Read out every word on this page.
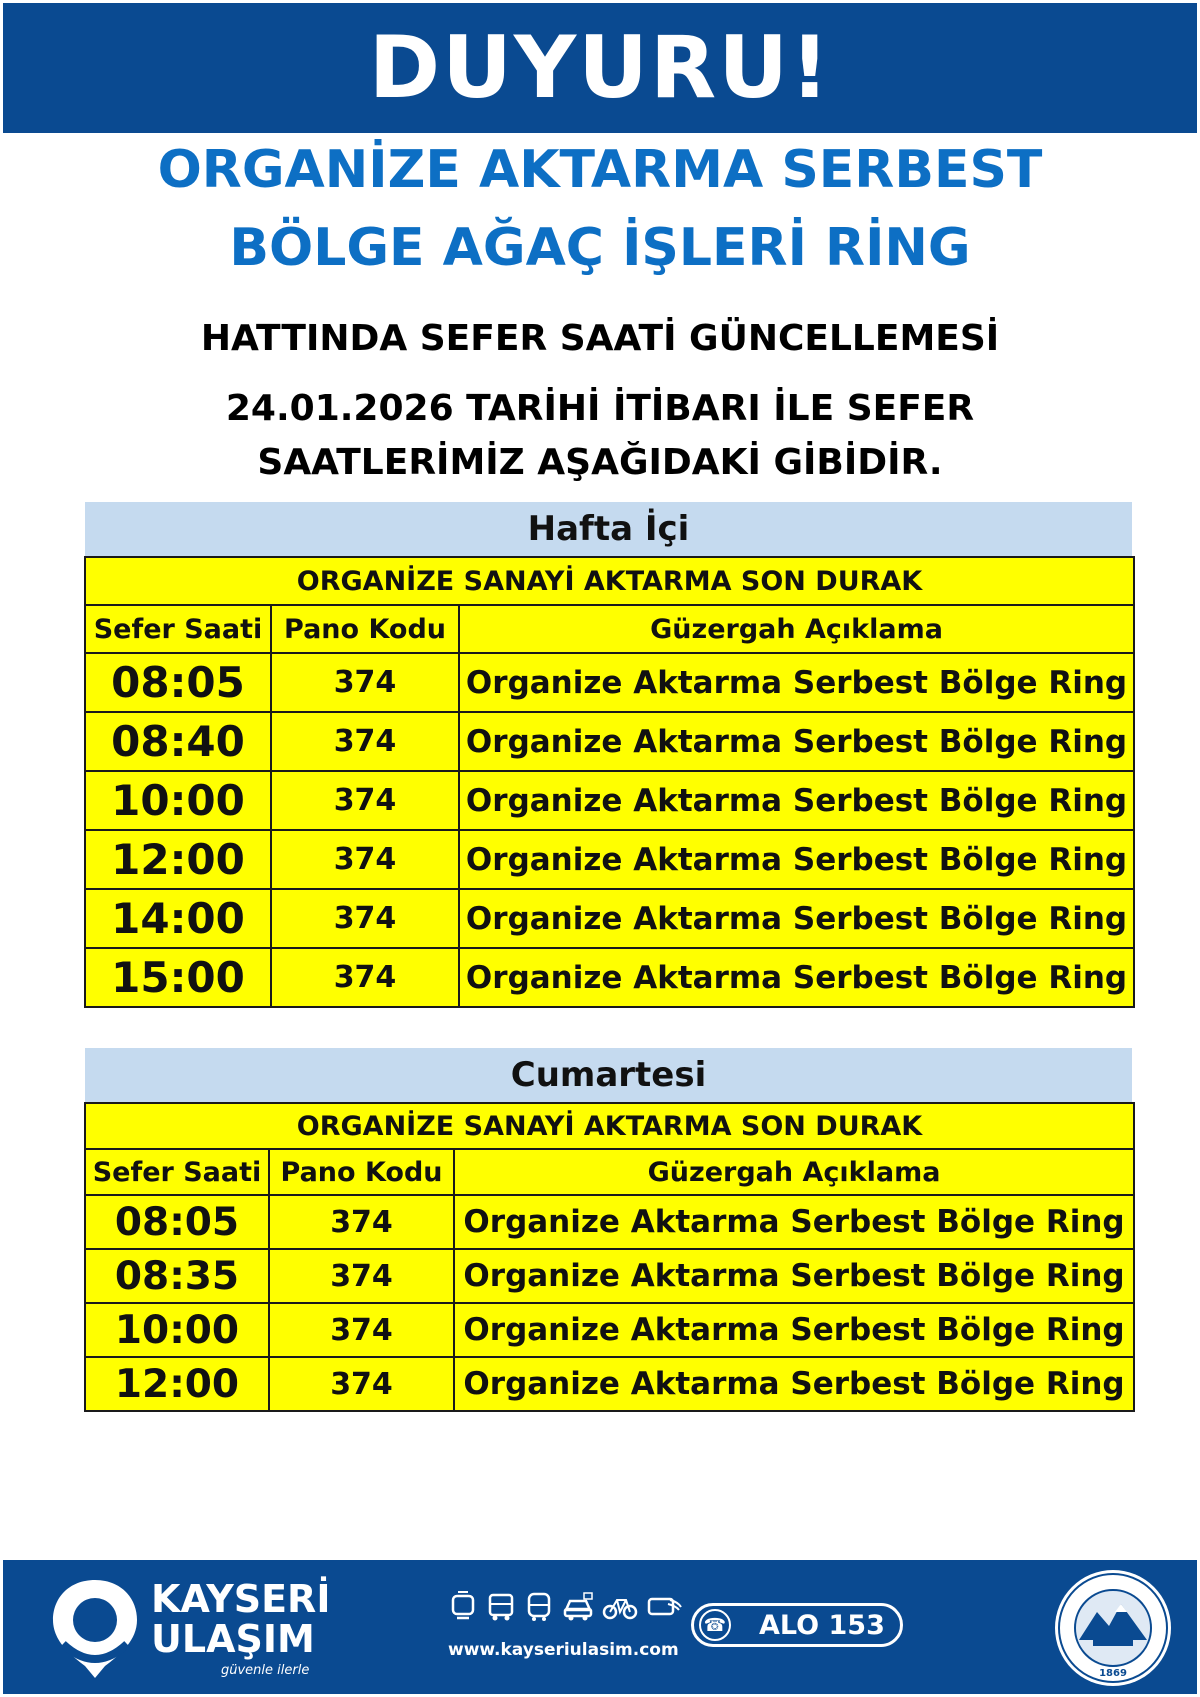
DUYURU!
ORGANİZE AKTARMA SERBEST
BÖLGE AĞAÇ İŞLERİ RİNG
HATTINDA SEFER SAATİ GÜNCELLEMESİ
24.01.2026 TARİHİ İTİBARI İLE SEFER
SAATLERİMİZ AŞAĞIDAKİ GİBİDİR.
Hafta İçi
ORGANİZE SANAYİ AKTARMA SON DURAK		
Sefer Saati	Pano Kodu	Güzergah Açıklama
08:05	374	Organize Aktarma Serbest Bölge Ring
08:40	374	Organize Aktarma Serbest Bölge Ring
10:00	374	Organize Aktarma Serbest Bölge Ring
12:00	374	Organize Aktarma Serbest Bölge Ring
14:00	374	Organize Aktarma Serbest Bölge Ring
15:00	374	Organize Aktarma Serbest Bölge Ring
Cumartesi
ORGANİZE SANAYİ AKTARMA SON DURAK		
Sefer Saati	Pano Kodu	Güzergah Açıklama
08:05	374	Organize Aktarma Serbest Bölge Ring
08:35	374	Organize Aktarma Serbest Bölge Ring
10:00	374	Organize Aktarma Serbest Bölge Ring
12:00	374	Organize Aktarma Serbest Bölge Ring
KAYSERİ
ULAŞIM
güvenle ilerle
www.kayseriulasim.com
☎ ALO 153
1869
